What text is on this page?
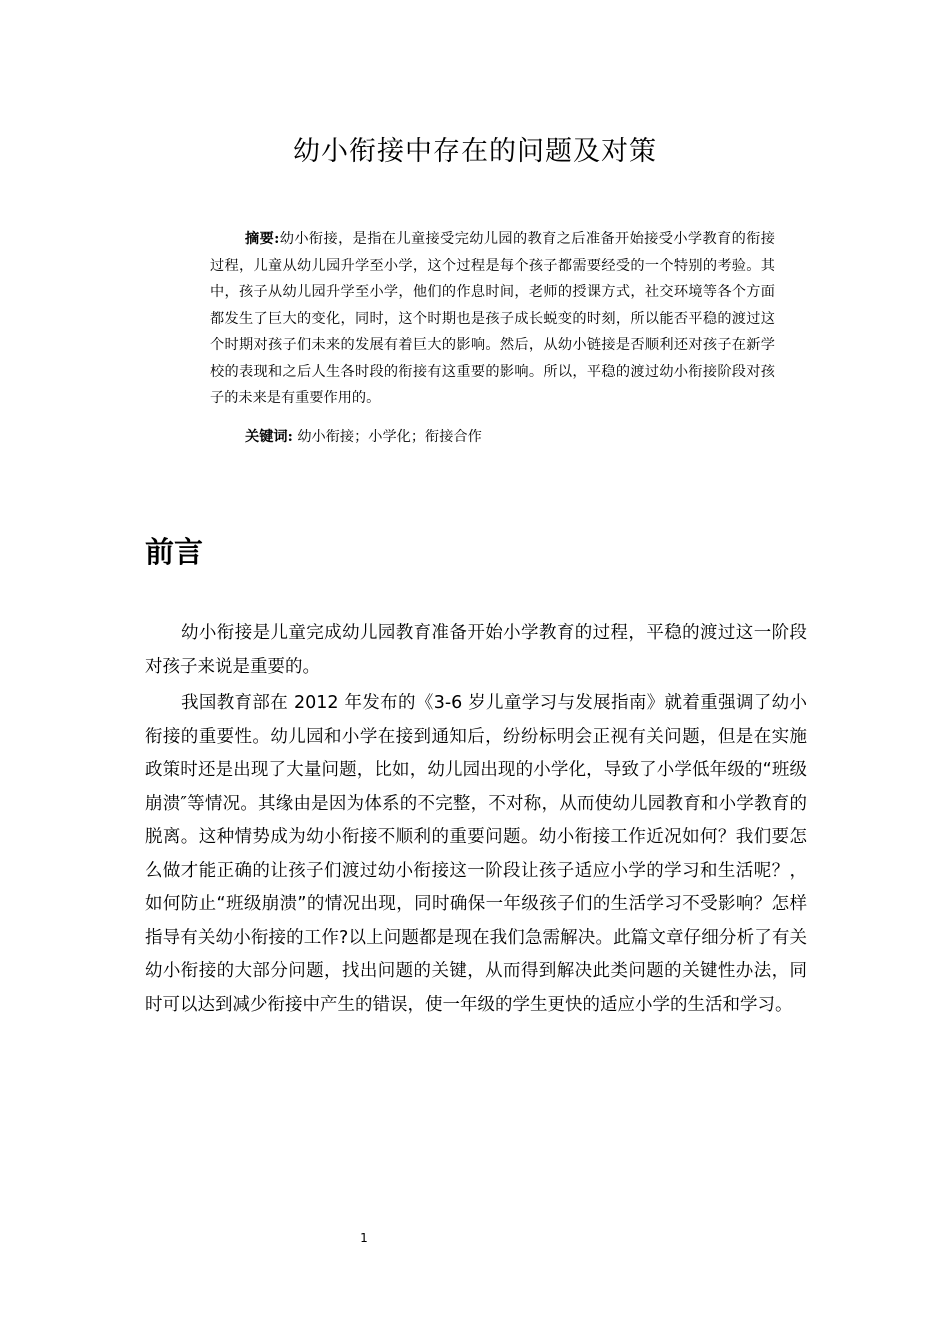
幼小衔接中存在的问题及对策

摘要:幼小衔接，是指在儿童接受完幼儿园的教育之后准备开始接受小学教育的衔接过程，儿童从幼儿园升学至小学，这个过程是每个孩子都需要经受的一个特别的考验。其中，孩子从幼儿园升学至小学，他们的作息时间，老师的授课方式，社交环境等各个方面都发生了巨大的变化，同时，这个时期也是孩子成长蜕变的时刻，所以能否平稳的渡过这个时期对孩子们未来的发展有着巨大的影响。然后，从幼小链接是否顺利还对孩子在新学校的表现和之后人生各时段的衔接有这重要的影响。所以，平稳的渡过幼小衔接阶段对孩子的未来是有重要作用的。

关键词: 幼小衔接；小学化；衔接合作

前言

幼小衔接是儿童完成幼儿园教育准备开始小学教育的过程，平稳的渡过这一阶段对孩子来说是重要的。

我国教育部在 2012 年发布的《3-6 岁儿童学习与发展指南》就着重强调了幼小衔接的重要性。幼儿园和小学在接到通知后，纷纷标明会正视有关问题，但是在实施政策时还是出现了大量问题，比如，幼儿园出现的小学化，导致了小学低年级的“班级崩溃″等情况。其缘由是因为体系的不完整，不对称，从而使幼儿园教育和小学教育的脱离。这种情势成为幼小衔接不顺利的重要问题。幼小衔接工作近况如何？我们要怎么做才能正确的让孩子们渡过幼小衔接这一阶段让孩子适应小学的学习和生活呢？，如何防止“班级崩溃”的情况出现，同时确保一年级孩子们的生活学习不受影响？怎样指导有关幼小衔接的工作?以上问题都是现在我们急需解决。此篇文章仔细分析了有关幼小衔接的大部分问题，找出问题的关键，从而得到解决此类问题的关键性办法，同时可以达到减少衔接中产生的错误，使一年级的学生更快的适应小学的生活和学习。

1
